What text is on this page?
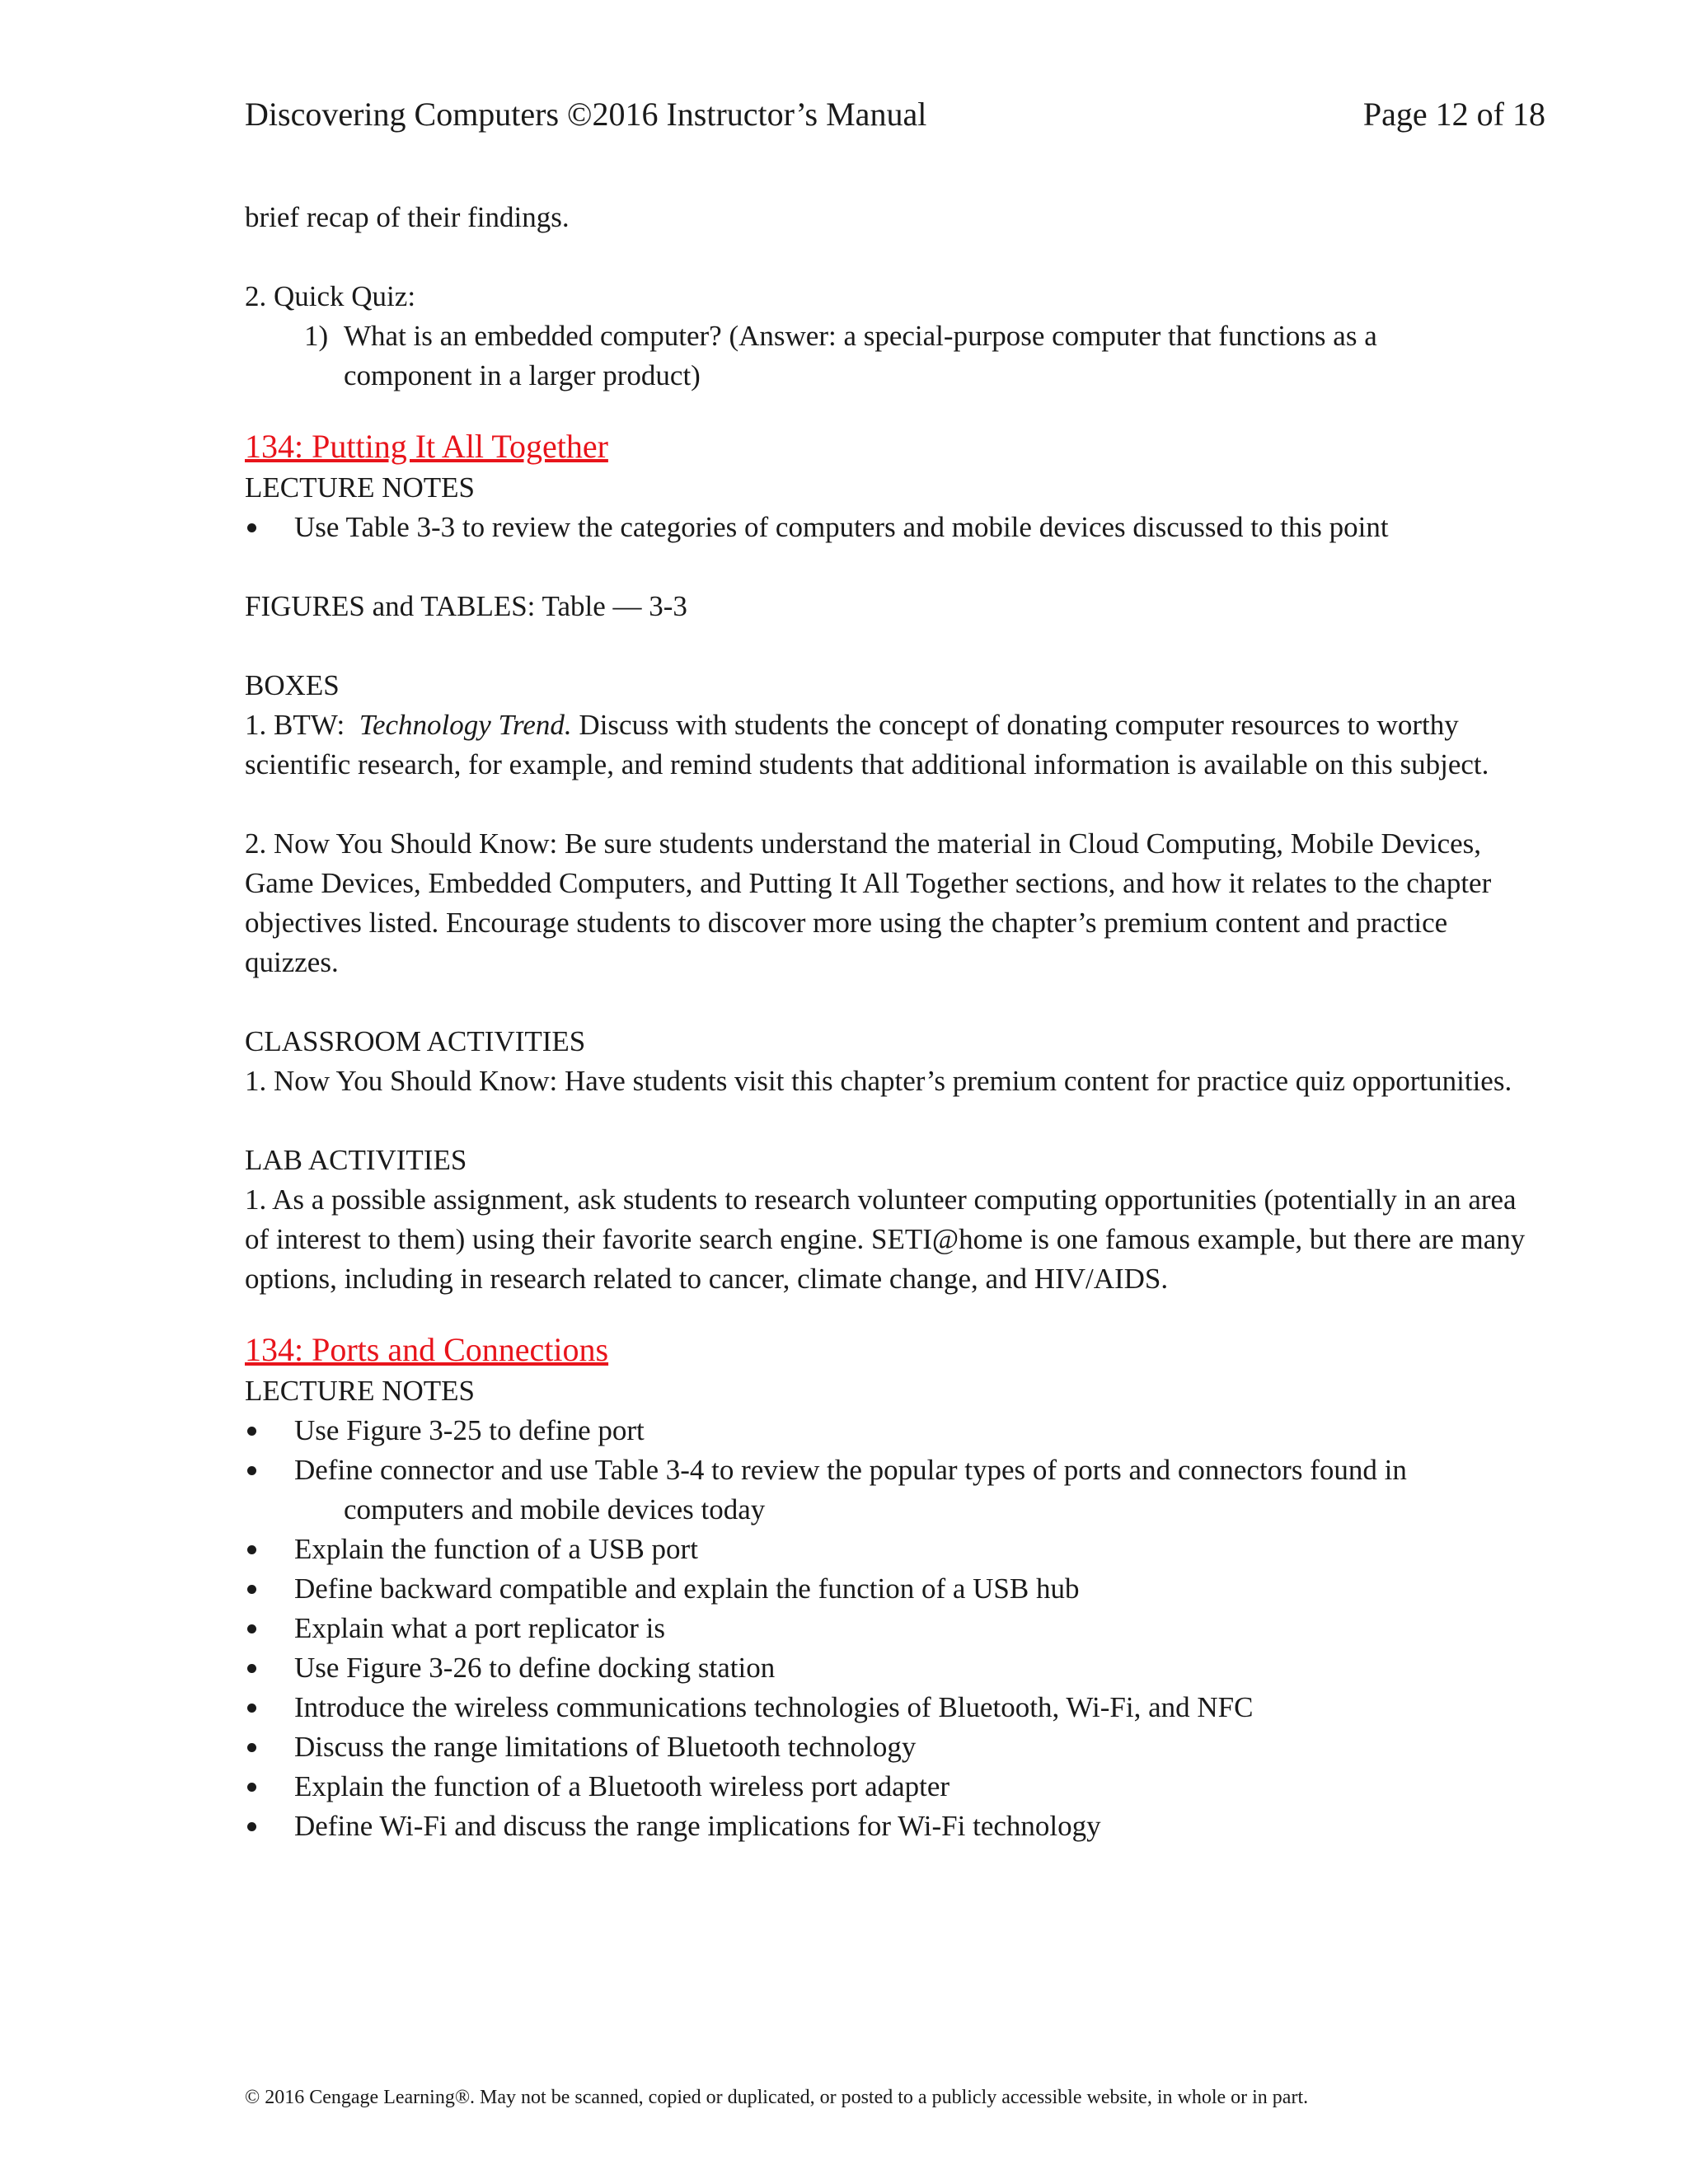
Discovering Computers ©2016 Instructor’s Manual	Page 12 of 18

brief recap of their findings.

2. Quick Quiz:

1) What is an embedded computer? (Answer: a special-purpose computer that functions as a
component in a larger product)

134: Putting It All Together

LECTURE NOTES

Use Table 3-3 to review the categories of computers and mobile devices discussed to this point

FIGURES and TABLES: Table — 3-3

BOXES

1. BTW: Technology Trend. Discuss with students the concept of donating computer resources to worthy scientific research, for example, and remind students that additional information is available on this subject.

2. Now You Should Know: Be sure students understand the material in Cloud Computing, Mobile Devices, Game Devices, Embedded Computers, and Putting It All Together sections, and how it relates to the chapter objectives listed. Encourage students to discover more using the chapter’s premium content and practice quizzes.

CLASSROOM ACTIVITIES

1. Now You Should Know: Have students visit this chapter’s premium content for practice quiz opportunities.

LAB ACTIVITIES

1. As a possible assignment, ask students to research volunteer computing opportunities (potentially in an area of interest to them) using their favorite search engine. SETI@home is one famous example, but there are many options, including in research related to cancer, climate change, and HIV/AIDS.

134: Ports and Connections

LECTURE NOTES

Use Figure 3-25 to define port
Define connector and use Table 3-4 to review the popular types of ports and connectors found in
computers and mobile devices today
Explain the function of a USB port
Define backward compatible and explain the function of a USB hub
Explain what a port replicator is
Use Figure 3-26 to define docking station
Introduce the wireless communications technologies of Bluetooth, Wi-Fi, and NFC
Discuss the range limitations of Bluetooth technology
Explain the function of a Bluetooth wireless port adapter
Define Wi-Fi and discuss the range implications for Wi-Fi technology
© 2016 Cengage Learning®. May not be scanned, copied or duplicated, or posted to a publicly accessible website, in whole or in part.
